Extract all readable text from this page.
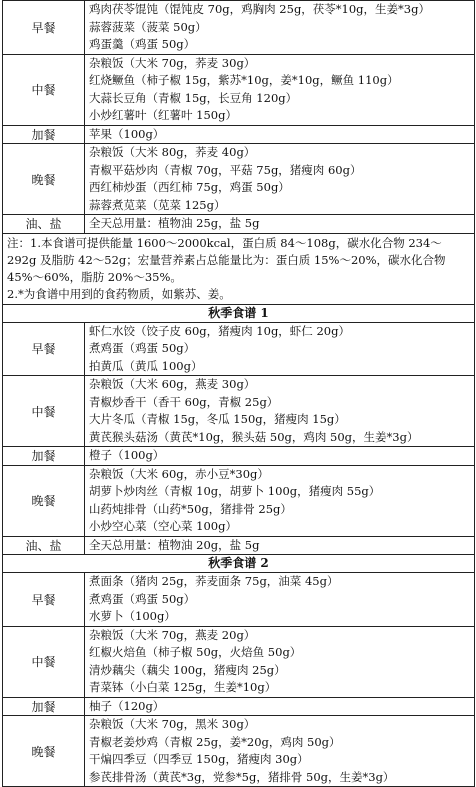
早餐	鸡肉茯苓馄饨（馄饨皮 70g，鸡胸肉 25g，茯苓*10g，生姜*3g）
蒜蓉菠菜（菠菜 50g）
鸡蛋羹（鸡蛋 50g）

中餐	杂粮饭（大米 70g，荞麦 30g）
红烧鳜鱼（柿子椒 15g，紫苏*10g，姜*10g，鳜鱼 110g）
大蒜长豆角（青椒 15g，长豆角 120g）
小炒红薯叶（红薯叶 150g）

加餐	苹果（100g）

晚餐	杂粮饭（大米 80g，荞麦 40g）
青椒平菇炒肉（青椒 70g，平菇 75g，猪瘦肉 60g）
西红柿炒蛋（西红柿 75g，鸡蛋 50g）
蒜蓉煮苋菜（苋菜 125g）

油、盐	全天总用量：植物油 25g，盐 5g

注：1.本食谱可提供能量 1600～2000kcal，蛋白质 84～108g，碳水化合物 234～292g 及脂肪 42～52g；宏量营养素占总能量比为：蛋白质 15%～20%，碳水化合物 45%～60%，脂肪 20%～35%。
2.*为食谱中用到的食药物质，如紫苏、姜。	

秋季食谱 1	
早餐	虾仁水饺（饺子皮 60g，猪瘦肉 10g，虾仁 20g）
煮鸡蛋（鸡蛋 50g）
拍黄瓜（黄瓜 100g）

中餐	杂粮饭（大米 60g，燕麦 30g）
青椒炒香干（香干 60g，青椒 25g）
大片冬瓜（青椒 15g，冬瓜 150g，猪瘦肉 15g）
黄芪猴头菇汤（黄芪*10g，猴头菇 50g，鸡肉 50g，生姜*3g）

加餐	橙子（100g）

晚餐	杂粮饭（大米 60g，赤小豆*30g）
胡萝卜炒肉丝（青椒 10g，胡萝卜 100g，猪瘦肉 55g）
山药炖排骨（山药*50g，猪排骨 25g）
小炒空心菜（空心菜 100g）

油、盐	全天总用量：植物油 20g，盐 5g

秋季食谱 2	
早餐	煮面条（猪肉 25g，荞麦面条 75g，油菜 45g）
煮鸡蛋（鸡蛋 50g）
水萝卜（100g）

中餐	杂粮饭（大米 70g，燕麦 20g）
红椒火焙鱼（柿子椒 50g，火焙鱼 50g）
清炒藕尖（藕尖 100g，猪瘦肉 25g）
青菜钵（小白菜 125g，生姜*10g）

加餐	柚子（120g）

晚餐	杂粮饭（大米 70g，黑米 30g）
青椒老姜炒鸡（青椒 25g，姜*20g，鸡肉 50g）
干煸四季豆（四季豆 150g，猪瘦肉 30g）
参芪排骨汤（黄芪*3g，党参*5g，猪排骨 50g，生姜*3g）
